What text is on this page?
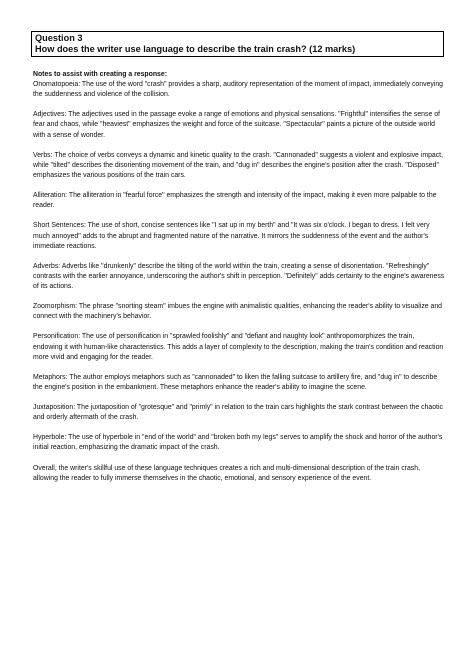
Question 3
How does the writer use language to describe the train crash? (12 marks)
Notes to assist with creating a response:

Onomatopoeia: The use of the word "crash" provides a sharp, auditory representation of the moment of impact, immediately conveying the suddenness and violence of the collision.

Adjectives: The adjectives used in the passage evoke a range of emotions and physical sensations. "Frightful" intensifies the sense of fear and chaos, while "heaviest" emphasizes the weight and force of the suitcase. "Spectacular" paints a picture of the outside world with a sense of wonder.

Verbs: The choice of verbs conveys a dynamic and kinetic quality to the crash. "Cannonaded" suggests a violent and explosive impact, while "tilted" describes the disorienting movement of the train, and "dug in" describes the engine's position after the crash. "Disposed" emphasizes the various positions of the train cars.

Alliteration: The alliteration in "fearful force" emphasizes the strength and intensity of the impact, making it even more palpable to the reader.

Short Sentences: The use of short, concise sentences like "I sat up in my berth" and "It was six o'clock. I began to dress. I felt very much annoyed" adds to the abrupt and fragmented nature of the narrative. It mirrors the suddenness of the event and the author's immediate reactions.

Adverbs: Adverbs like "drunkenly" describe the tilting of the world within the train, creating a sense of disorientation. "Refreshingly" contrasts with the earlier annoyance, underscoring the author's shift in perception. "Definitely" adds certainty to the engine's awareness of its actions.

Zoomorphism: The phrase "snorting steam" imbues the engine with animalistic qualities, enhancing the reader's ability to visualize and connect with the machinery's behavior.

Personification: The use of personification in "sprawled foolishly" and "defiant and naughty look" anthropomorphizes the train, endowing it with human-like characteristics. This adds a layer of complexity to the description, making the train's condition and reaction more vivid and engaging for the reader.

Metaphors: The author employs metaphors such as "cannonaded" to liken the falling suitcase to artillery fire, and "dug in" to describe the engine's position in the embankment. These metaphors enhance the reader's ability to imagine the scene.

Juxtaposition: The juxtaposition of "grotesque" and "primly" in relation to the train cars highlights the stark contrast between the chaotic and orderly aftermath of the crash.

Hyperbole: The use of hyperbole in "end of the world" and "broken both my legs" serves to amplify the shock and horror of the author's initial reaction, emphasizing the dramatic impact of the crash.

Overall, the writer's skillful use of these language techniques creates a rich and multi-dimensional description of the train crash, allowing the reader to fully immerse themselves in the chaotic, emotional, and sensory experience of the event.
